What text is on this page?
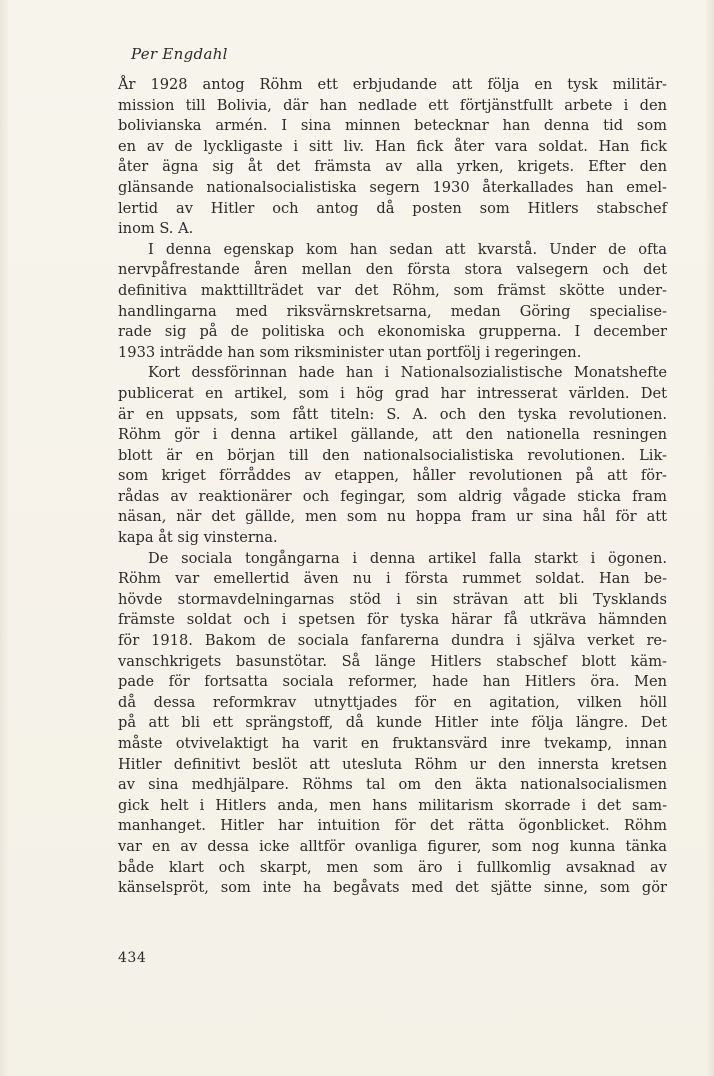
Per Engdahl
År 1928 antog Röhm ett erbjudande att följa en tysk militär-
mission till Bolivia, där han nedlade ett förtjänstfullt arbete i den
bolivianska armén. I sina minnen betecknar han denna tid som
en av de lyckligaste i sitt liv. Han fick åter vara soldat. Han fick
åter ägna sig åt det främsta av alla yrken, krigets. Efter den
glänsande nationalsocialistiska segern 1930 återkallades han emel-
lertid av Hitler och antog då posten som Hitlers stabschef
inom S. A.
I denna egenskap kom han sedan att kvarstå. Under de ofta
nervpåfrestande åren mellan den första stora valsegern och det
definitiva makttillträdet var det Röhm, som främst skötte under-
handlingarna med riksvärnskretsarna, medan Göring specialise-
rade sig på de politiska och ekonomiska grupperna. I december
1933 inträdde han som riksminister utan portfölj i regeringen.
Kort dessförinnan hade han i Nationalsozialistische Monatshefte
publicerat en artikel, som i hög grad har intresserat världen. Det
är en uppsats, som fått titeln: S. A. och den tyska revolutionen.
Röhm gör i denna artikel gällande, att den nationella resningen
blott är en början till den nationalsocialistiska revolutionen. Lik-
som kriget förråddes av etappen, håller revolutionen på att för-
rådas av reaktionärer och fegingar, som aldrig vågade sticka fram
näsan, när det gällde, men som nu hoppa fram ur sina hål för att
kapa åt sig vinsterna.
De sociala tongångarna i denna artikel falla starkt i ögonen.
Röhm var emellertid även nu i första rummet soldat. Han be-
hövde stormavdelningarnas stöd i sin strävan att bli Tysklands
främste soldat och i spetsen för tyska härar få utkräva hämnden
för 1918. Bakom de sociala fanfarerna dundra i själva verket re-
vanschkrigets basunstötar. Så länge Hitlers stabschef blott käm-
pade för fortsatta sociala reformer, hade han Hitlers öra. Men
då dessa reformkrav utnyttjades för en agitation, vilken höll
på att bli ett sprängstoff, då kunde Hitler inte följa längre. Det
måste otvivelaktigt ha varit en fruktansvärd inre tvekamp, innan
Hitler definitivt beslöt att utesluta Röhm ur den innersta kretsen
av sina medhjälpare. Röhms tal om den äkta nationalsocialismen
gick helt i Hitlers anda, men hans militarism skorrade i det sam-
manhanget. Hitler har intuition för det rätta ögonblicket. Röhm
var en av dessa icke alltför ovanliga figurer, som nog kunna tänka
både klart och skarpt, men som äro i fullkomlig avsaknad av
känselspröt, som inte ha begåvats med det sjätte sinne, som gör
434
